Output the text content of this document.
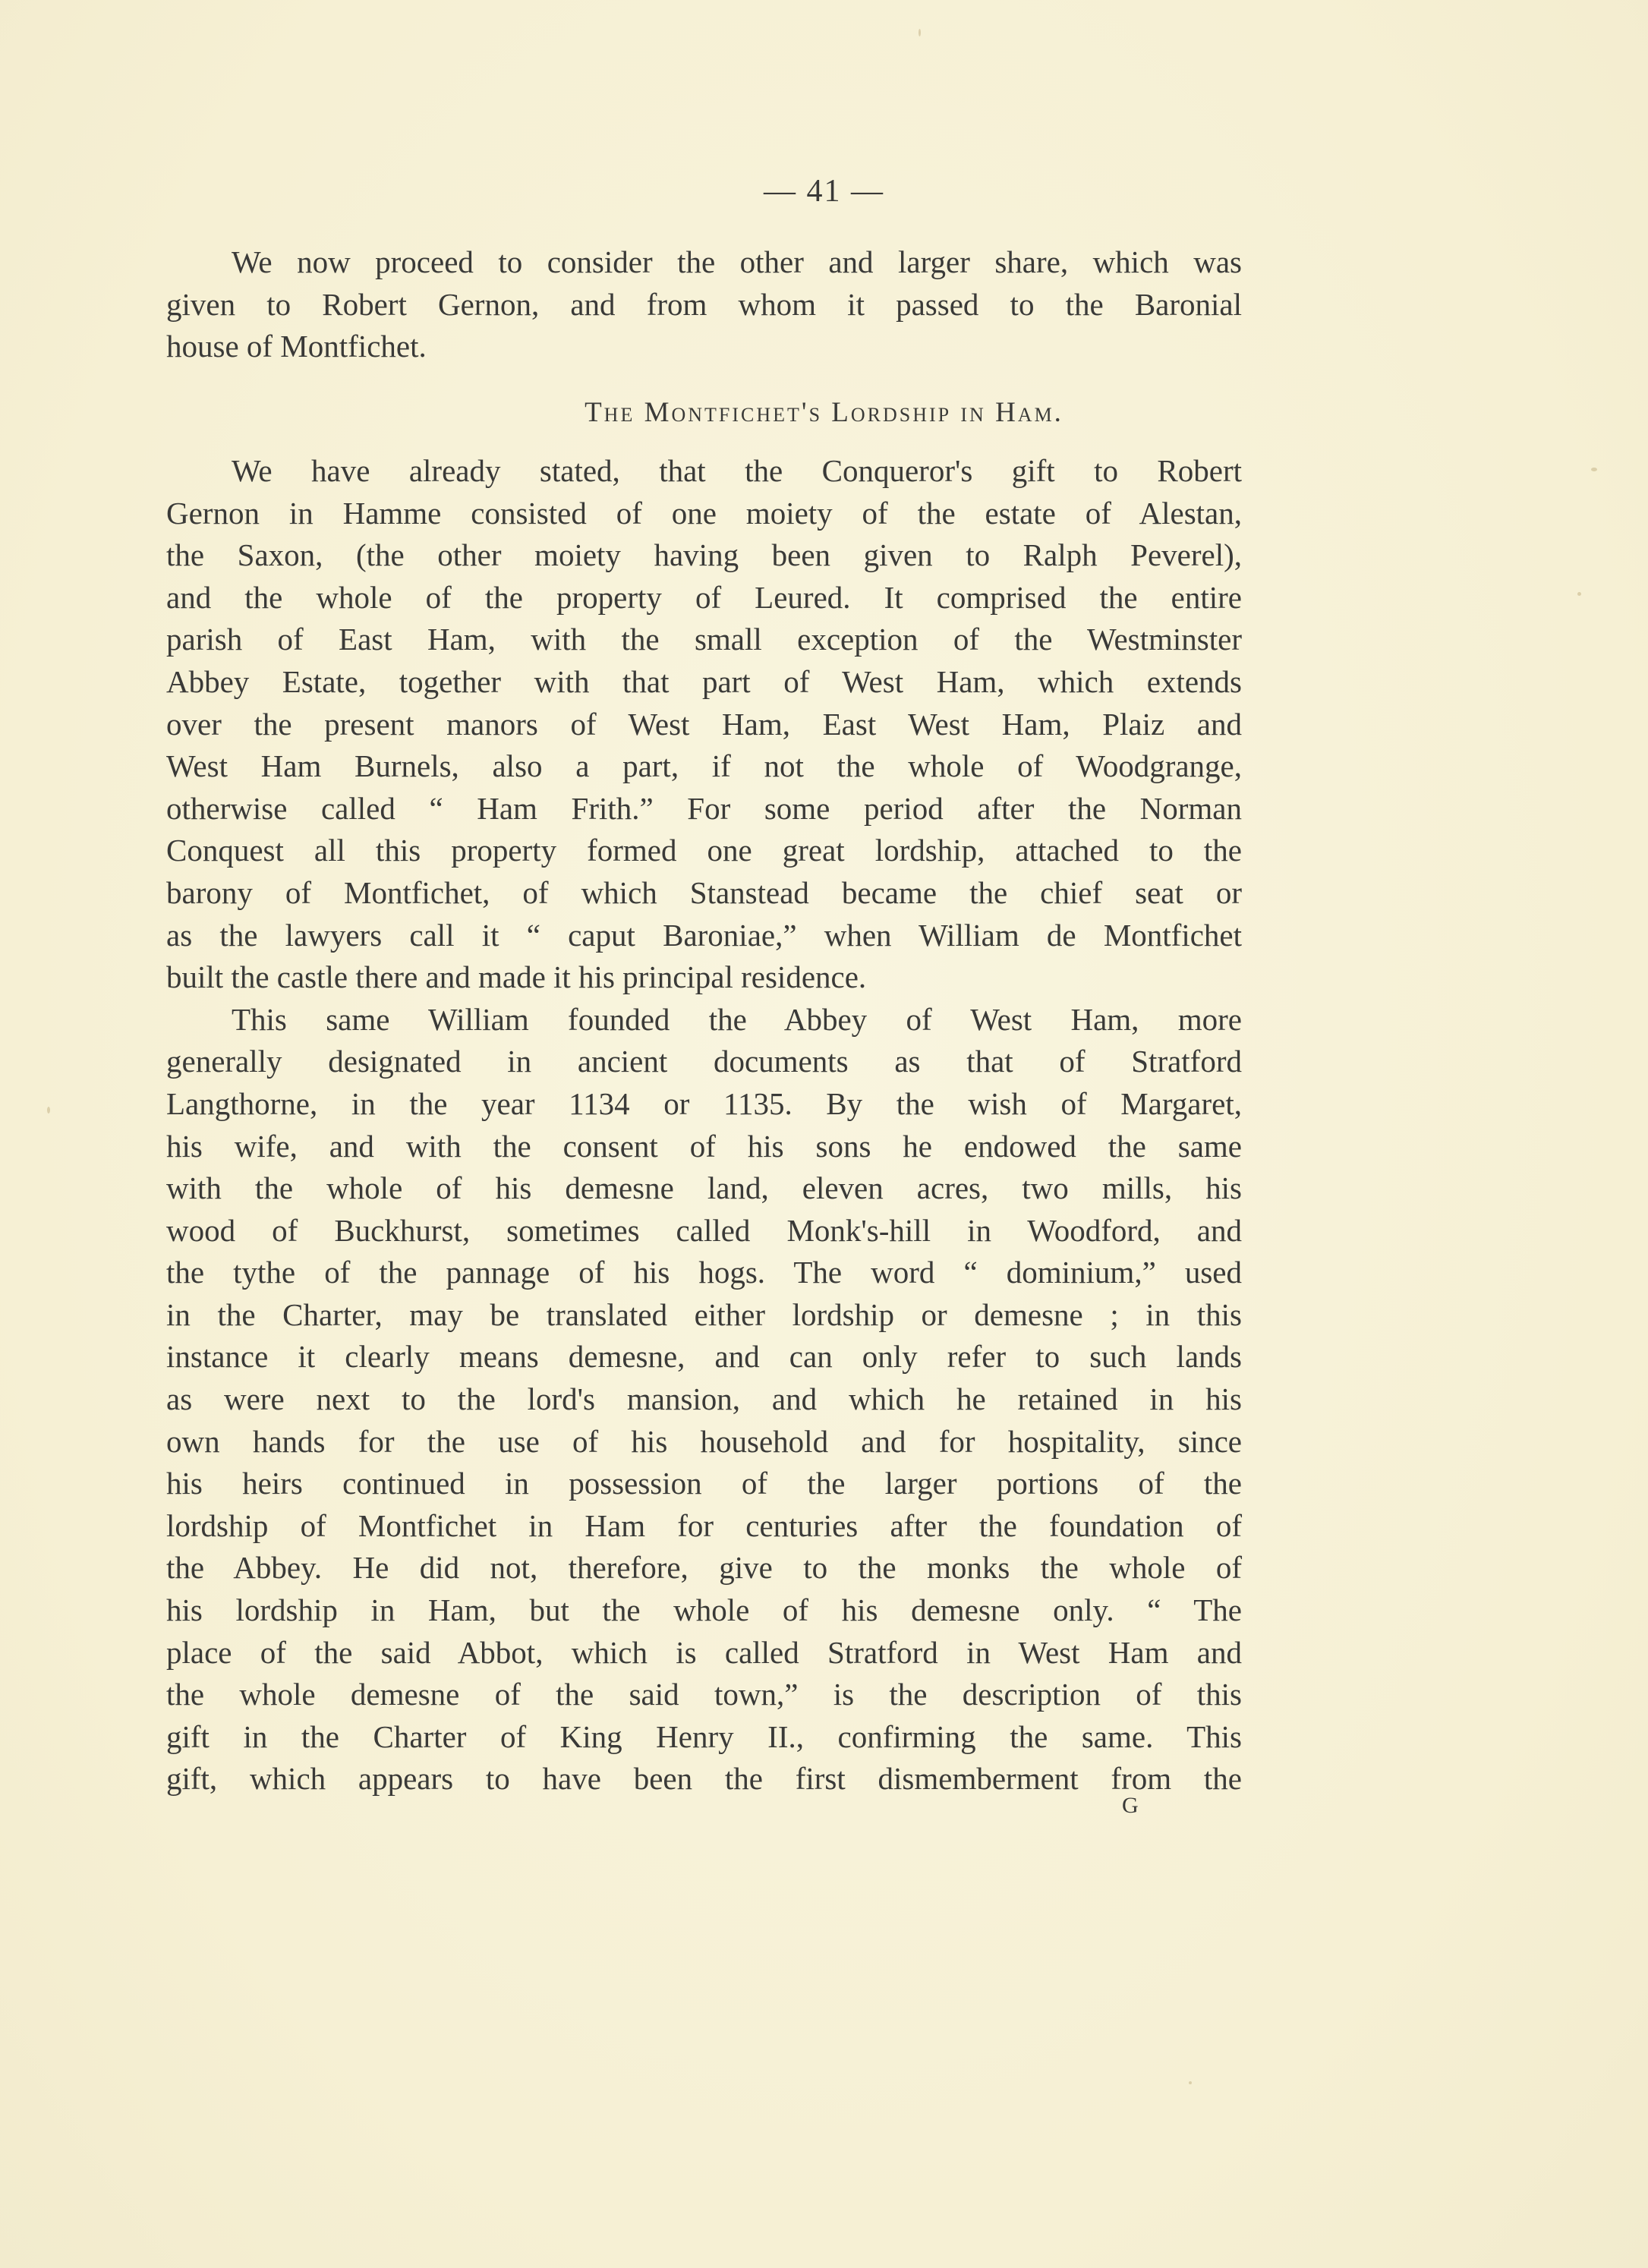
— 41 —
We now proceed to consider the other and larger share, which was
given to Robert Gernon, and from whom it passed to the Baronial
house of Montfichet.
The Montfichet's Lordship in Ham.
We have already stated, that the Conqueror's gift to Robert
Gernon in Hamme consisted of one moiety of the estate of Alestan,
the Saxon, (the other moiety having been given to Ralph Peverel),
and the whole of the property of Leured. It comprised the entire
parish of East Ham, with the small exception of the Westminster
Abbey Estate, together with that part of West Ham, which extends
over the present manors of West Ham, East West Ham, Plaiz and
West Ham Burnels, also a part, if not the whole of Woodgrange,
otherwise called “ Ham Frith.” For some period after the Norman
Conquest all this property formed one great lordship, attached to the
barony of Montfichet, of which Stanstead became the chief seat or
as the lawyers call it “ caput Baroniae,” when William de Montfichet
built the castle there and made it his principal residence.
This same William founded the Abbey of West Ham, more
generally designated in ancient documents as that of Stratford
Langthorne, in the year 1134 or 1135. By the wish of Margaret,
his wife, and with the consent of his sons he endowed the same
with the whole of his demesne land, eleven acres, two mills, his
wood of Buckhurst, sometimes called Monk's-hill in Woodford, and
the tythe of the pannage of his hogs. The word “ dominium,” used
in the Charter, may be translated either lordship or demesne ; in this
instance it clearly means demesne, and can only refer to such lands
as were next to the lord's mansion, and which he retained in his
own hands for the use of his household and for hospitality, since
his heirs continued in possession of the larger portions of the
lordship of Montfichet in Ham for centuries after the foundation of
the Abbey. He did not, therefore, give to the monks the whole of
his lordship in Ham, but the whole of his demesne only. “ The
place of the said Abbot, which is called Stratford in West Ham and
the whole demesne of the said town,” is the description of this
gift in the Charter of King Henry II., confirming the same. This
gift, which appears to have been the first dismemberment from the
G
